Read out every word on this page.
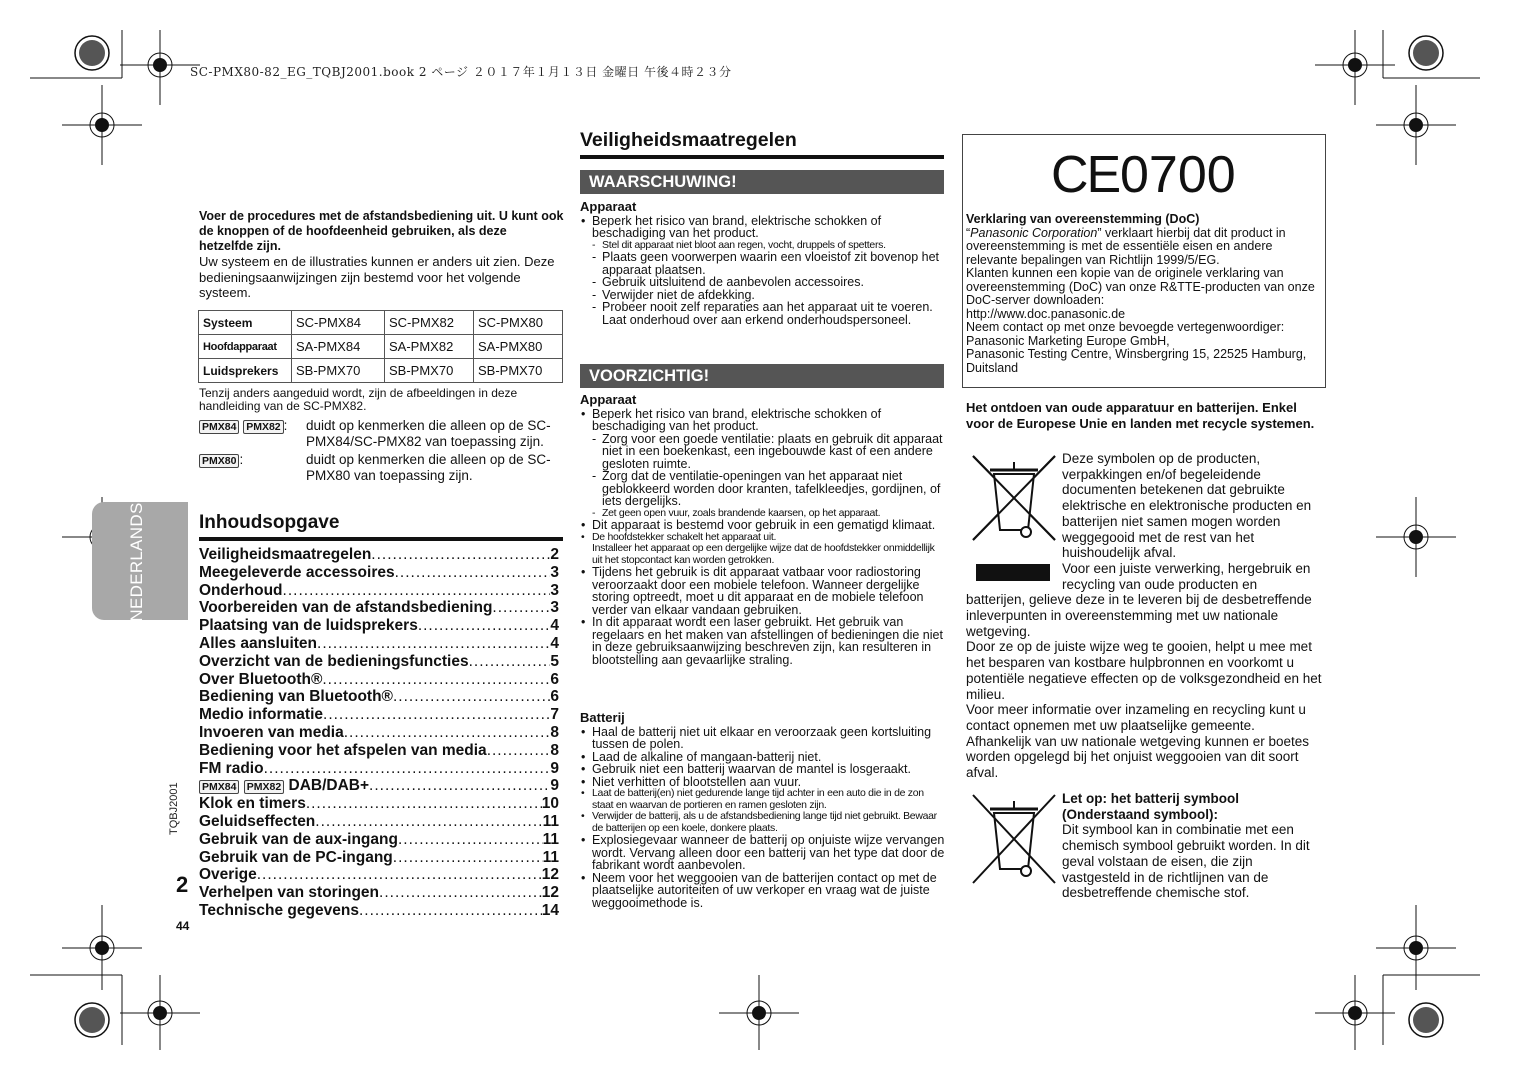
SC-PMX80-82_EG_TQBJ2001.book 2 ページ ２０１７年１月１３日 金曜日 午後４時２３分
Voer de procedures met de afstandsbediening uit. U kunt ook de knoppen of de hoofdeenheid gebruiken, als deze hetzelfde zijn.
Uw systeem en de illustraties kunnen er anders uit zien. Deze bedieningsaanwijzingen zijn bestemd voor het volgende systeem.
Systeem	SC-PMX84	SC-PMX82	SC-PMX80
Hoofdapparaat	SA-PMX84	SA-PMX82	SA-PMX80
Luidsprekers	SB-PMX70	SB-PMX70	SB-PMX70
Tenzij anders aangeduid wordt, zijn de afbeeldingen in deze handleiding van de SC-PMX82.
PMX84 PMX82 : duidt op kenmerken die alleen op de SC-PMX84/SC-PMX82 van toepassing zijn.
PMX80 :	duidt op kenmerken die alleen op de SC-PMX80 van toepassing zijn.
Inhoudsopgave
Veiligheidsmaatregelen .....	2
Meegeleverde accessoires .....	3
Onderhoud .....	3
Voorbereiden van de afstandsbediening .....	3
Plaatsing van de luidsprekers .....	4
Alles aansluiten .....	4
Overzicht van de bedieningsfuncties .....	5
Over Bluetooth® .....	6
Bediening van Bluetooth® .....	6
Medio informatie .....	7
Invoeren van media .....	8
Bediening voor het afspelen van media .....	8
FM radio .....	9
PMX84 PMX82 DAB/DAB+ .....	9
Klok en timers .....	10
Geluidseffecten .....	11
Gebruik van de aux-ingang .....	11
Gebruik van de PC-ingang .....	11
Overige .....	12
Verhelpen van storingen .....	12
Technische gegevens .....	14
NEDERLANDS
TQBJ2001
2
44
Veiligheidsmaatregelen
WAARSCHUWING!
Apparaat
• Beperk het risico van brand, elektrische schokken of beschadiging van het product.
- Stel dit apparaat niet bloot aan regen, vocht, druppels of spetters.
- Plaats geen voorwerpen waarin een vloeistof zit bovenop het apparaat plaatsen.
- Gebruik uitsluitend de aanbevolen accessoires.
- Verwijder niet de afdekking.
- Probeer nooit zelf reparaties aan het apparaat uit te voeren. Laat onderhoud over aan erkend onderhoudspersoneel.
VOORZICHTIG!
Apparaat
• Beperk het risico van brand, elektrische schokken of beschadiging van het product.
- Zorg voor een goede ventilatie: plaats en gebruik dit apparaat niet in een boekenkast, een ingebouwde kast of een andere gesloten ruimte.
- Zorg dat de ventilatie-openingen van het apparaat niet geblokkeerd worden door kranten, tafelkleedjes, gordijnen, of iets dergelijks.
- Zet geen open vuur, zoals brandende kaarsen, op het apparaat.
• Dit apparaat is bestemd voor gebruik in een gematigd klimaat.
• De hoofdstekker schakelt het apparaat uit.
Installeer het apparaat op een dergelijke wijze dat de hoofdstekker onmiddellijk uit het stopcontact kan worden getrokken.
• Tijdens het gebruik is dit apparaat vatbaar voor radiostoring veroorzaakt door een mobiele telefoon. Wanneer dergelijke storing optreedt, moet u dit apparaat en de mobiele telefoon verder van elkaar vandaan gebruiken.
• In dit apparaat wordt een laser gebruikt. Het gebruik van regelaars en het maken van afstellingen of bedieningen die niet in deze gebruiksaanwijzing beschreven zijn, kan resulteren in blootstelling aan gevaarlijke straling.
Batterij
• Haal de batterij niet uit elkaar en veroorzaak geen kortsluiting tussen de polen.
• Laad de alkaline of mangaan-batterij niet.
• Gebruik niet een batterij waarvan de mantel is losgeraakt.
• Niet verhitten of blootstellen aan vuur.
• Laat de batterij(en) niet gedurende lange tijd achter in een auto die in de zon staat en waarvan de portieren en ramen gesloten zijn.
• Verwijder de batterij, als u de afstandsbediening lange tijd niet gebruikt. Bewaar de batterijen op een koele, donkere plaats.
• Explosiegevaar wanneer de batterij op onjuiste wijze vervangen wordt. Vervang alleen door een batterij van het type dat door de fabrikant wordt aanbevolen.
• Neem voor het weggooien van de batterijen contact op met de plaatselijke autoriteiten of uw verkoper en vraag wat de juiste weggooimethode is.
CE 0700
Verklaring van overeenstemming (DoC)
“Panasonic Corporation” verklaart hierbij dat dit product in overeenstemming is met de essentiële eisen en andere relevante bepalingen van Richtlijn 1999/5/EG.
Klanten kunnen een kopie van de originele verklaring van overeenstemming (DoC) van onze R&TTE-producten van onze DoC-server downloaden:
http://www.doc.panasonic.de
Neem contact op met onze bevoegde vertegenwoordiger:
Panasonic Marketing Europe GmbH,
Panasonic Testing Centre, Winsbergring 15, 22525 Hamburg, Duitsland
Het ontdoen van oude apparatuur en batterijen. Enkel voor de Europese Unie en landen met recycle systemen.
Deze symbolen op de producten, verpakkingen en/of begeleidende documenten betekenen dat gebruikte elektrische en elektronische producten en batterijen niet samen mogen worden weggegooid met de rest van het huishoudelijk afval.
Voor een juiste verwerking, hergebruik en recycling van oude producten en
batterijen, gelieve deze in te leveren bij de desbetreffende inleverpunten in overeenstemming met uw nationale wetgeving.
Door ze op de juiste wijze weg te gooien, helpt u mee met het besparen van kostbare hulpbronnen en voorkomt u potentiële negatieve effecten op de volksgezondheid en het milieu.
Voor meer informatie over inzameling en recycling kunt u contact opnemen met uw plaatselijke gemeente.
Afhankelijk van uw nationale wetgeving kunnen er boetes worden opgelegd bij het onjuist weggooien van dit soort afval.
Let op: het batterij symbool (Onderstaand symbool):
Dit symbool kan in combinatie met een chemisch symbool gebruikt worden. In dit geval volstaan de eisen, die zijn vastgesteld in de richtlijnen van de desbetreffende chemische stof.
